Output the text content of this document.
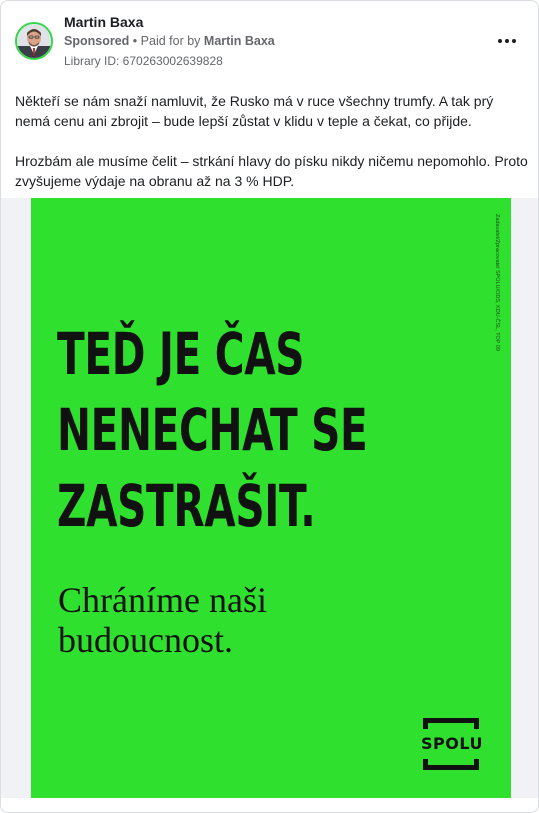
Martin Baxa
Sponsored • Paid for by Martin Baxa
Library ID: 670263002639828

Někteří se nám snaží namluvit, že Rusko má v ruce všechny trumfy. A tak prý nemá cenu ani zbrojit – bude lepší zůstat v klidu v teple a čekat, co přijde.

Hrozbám ale musíme čelit – strkání hlavy do písku nikdy ničemu nepomohlo. Proto zvyšujeme výdaje na obranu až na 3 % HDP.

Zadavatel/Zpracovatel SPOLU/ODS, KDU-ČSL, TOP 09
TEĎ JE ČAS
NENECHAT SE
ZASTRAŠIT.
Chráníme naši
budoucnost.
SPOLU
